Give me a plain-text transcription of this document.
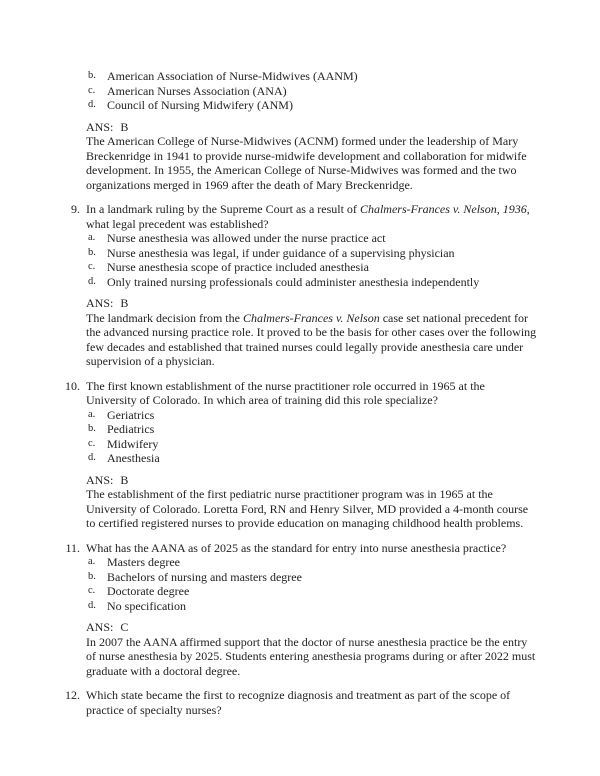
b. American Association of Nurse-Midwives (AANM)
c. American Nurses Association (ANA)
d. Council of Nursing Midwifery (ANM)
ANS: B
The American College of Nurse-Midwives (ACNM) formed under the leadership of Mary Breckenridge in 1941 to provide nurse-midwife development and collaboration for midwife development. In 1955, the American College of Nurse-Midwives was formed and the two organizations merged in 1969 after the death of Mary Breckenridge.
9. In a landmark ruling by the Supreme Court as a result of Chalmers-Frances v. Nelson, 1936, what legal precedent was established?
a. Nurse anesthesia was allowed under the nurse practice act
b. Nurse anesthesia was legal, if under guidance of a supervising physician
c. Nurse anesthesia scope of practice included anesthesia
d. Only trained nursing professionals could administer anesthesia independently
ANS: B
The landmark decision from the Chalmers-Frances v. Nelson case set national precedent for the advanced nursing practice role. It proved to be the basis for other cases over the following few decades and established that trained nurses could legally provide anesthesia care under supervision of a physician.
10. The first known establishment of the nurse practitioner role occurred in 1965 at the University of Colorado. In which area of training did this role specialize?
a. Geriatrics
b. Pediatrics
c. Midwifery
d. Anesthesia
ANS: B
The establishment of the first pediatric nurse practitioner program was in 1965 at the University of Colorado. Loretta Ford, RN and Henry Silver, MD provided a 4-month course to certified registered nurses to provide education on managing childhood health problems.
11. What has the AANA as of 2025 as the standard for entry into nurse anesthesia practice?
a. Masters degree
b. Bachelors of nursing and masters degree
c. Doctorate degree
d. No specification
ANS: C
In 2007 the AANA affirmed support that the doctor of nurse anesthesia practice be the entry of nurse anesthesia by 2025. Students entering anesthesia programs during or after 2022 must graduate with a doctoral degree.
12. Which state became the first to recognize diagnosis and treatment as part of the scope of practice of specialty nurses?
